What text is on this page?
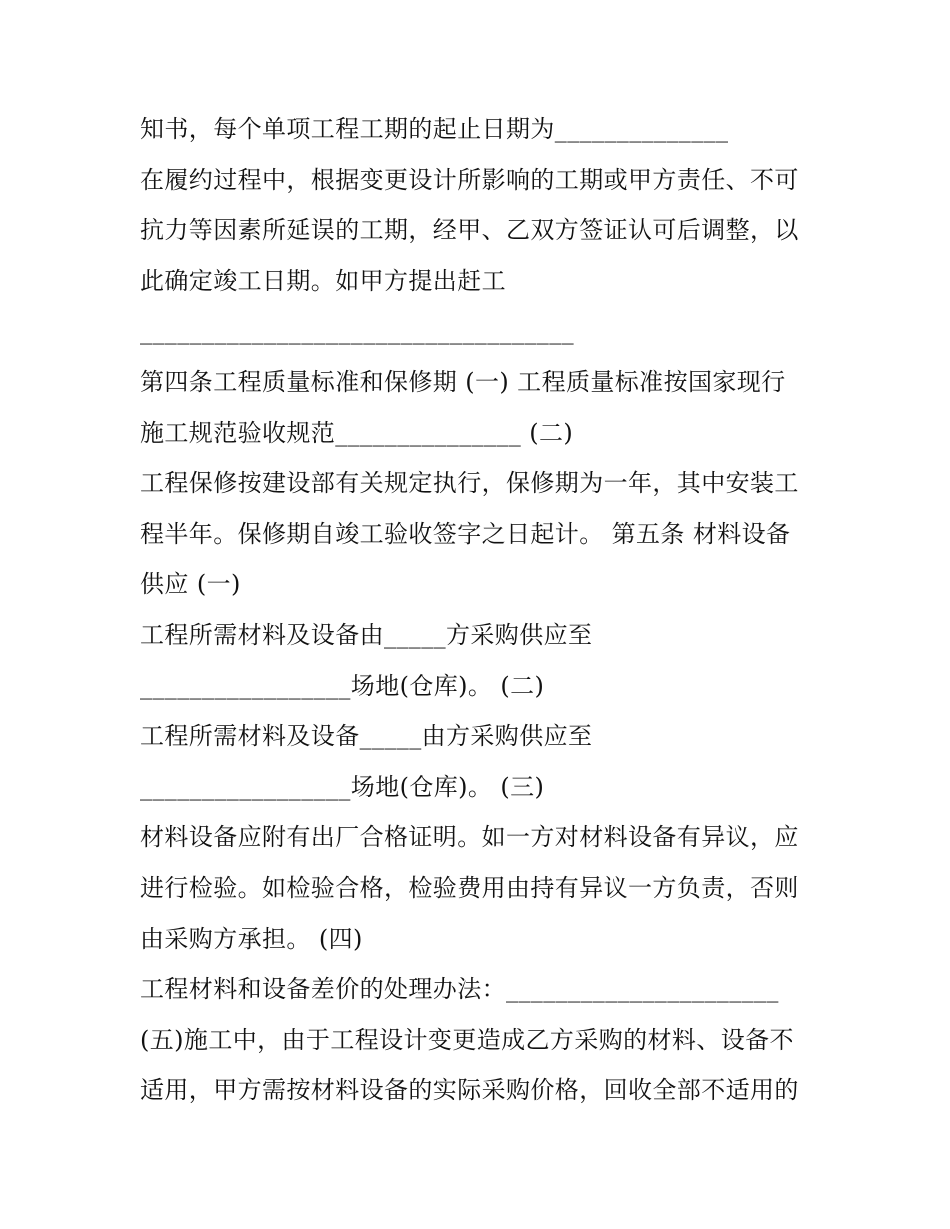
知书，每个单项工程工期的起止日期为______________
在履约过程中，根据变更设计所影响的工期或甲方责任、不可
抗力等因素所延误的工期，经甲、乙双方签证认可后调整，以
此确定竣工日期。如甲方提出赶工
___________________________________
第四条工程质量标准和保修期 (一) 工程质量标准按国家现行
施工规范验收规范_______________ (二)
工程保修按建设部有关规定执行，保修期为一年，其中安装工
程半年。保修期自竣工验收签字之日起计。 第五条 材料设备
供应 (一)
工程所需材料及设备由_____方采购供应至
_________________场地(仓库)。 (二)
工程所需材料及设备_____由方采购供应至
_________________场地(仓库)。 (三)
材料设备应附有出厂合格证明。如一方对材料设备有异议，应
进行检验。如检验合格，检验费用由持有异议一方负责，否则
由采购方承担。 (四)
工程材料和设备差价的处理办法：______________________
(五)施工中，由于工程设计变更造成乙方采购的材料、设备不
适用，甲方需按材料设备的实际采购价格，回收全部不适用的
